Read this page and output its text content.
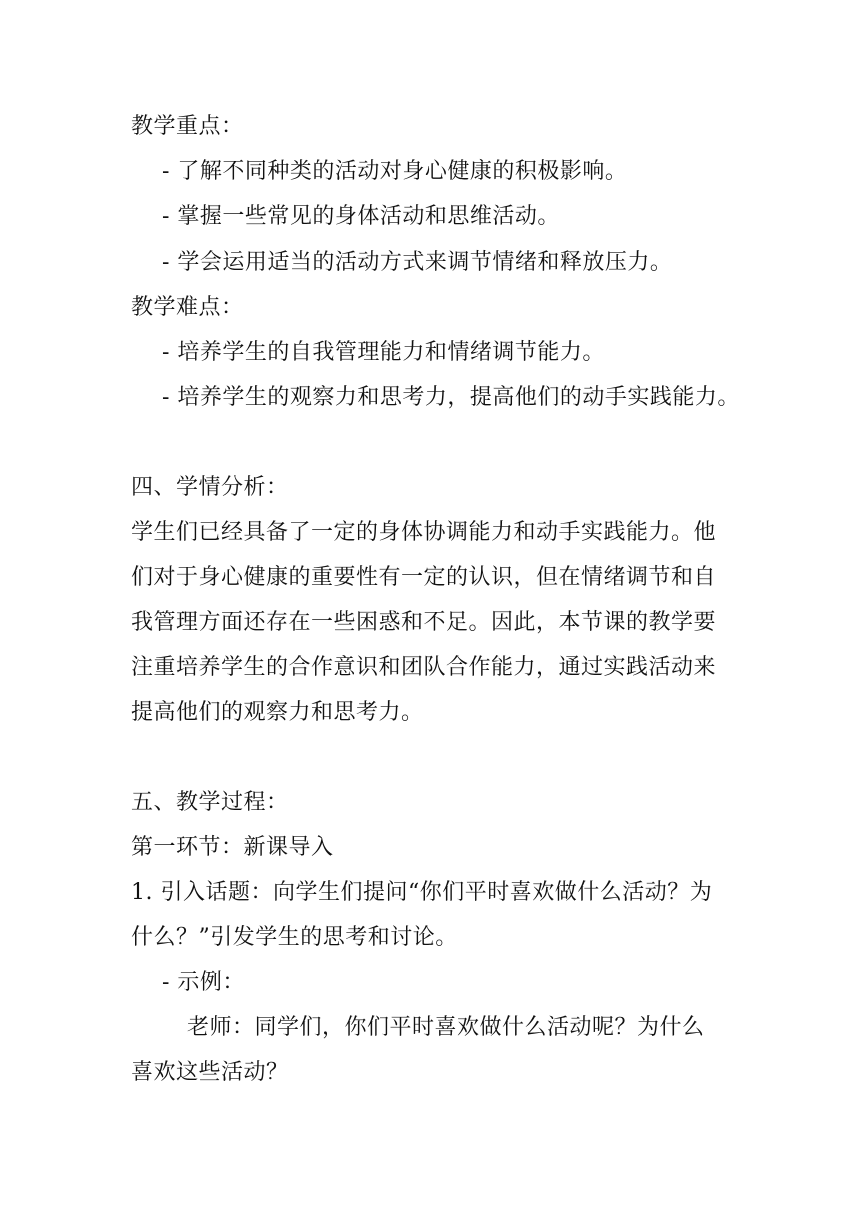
教学重点：
- 了解不同种类的活动对身心健康的积极影响。
- 掌握一些常见的身体活动和思维活动。
- 学会运用适当的活动方式来调节情绪和释放压力。
教学难点：
- 培养学生的自我管理能力和情绪调节能力。
- 培养学生的观察力和思考力，提高他们的动手实践能力。
四、学情分析：
学生们已经具备了一定的身体协调能力和动手实践能力。他
们对于身心健康的重要性有一定的认识，但在情绪调节和自
我管理方面还存在一些困惑和不足。因此，本节课的教学要
注重培养学生的合作意识和团队合作能力，通过实践活动来
提高他们的观察力和思考力。
五、教学过程：
第一环节：新课导入
1. 引入话题：向学生们提问“你们平时喜欢做什么活动？为
什么？”引发学生的思考和讨论。
- 示例：
老师：同学们，你们平时喜欢做什么活动呢？为什么
喜欢这些活动？
